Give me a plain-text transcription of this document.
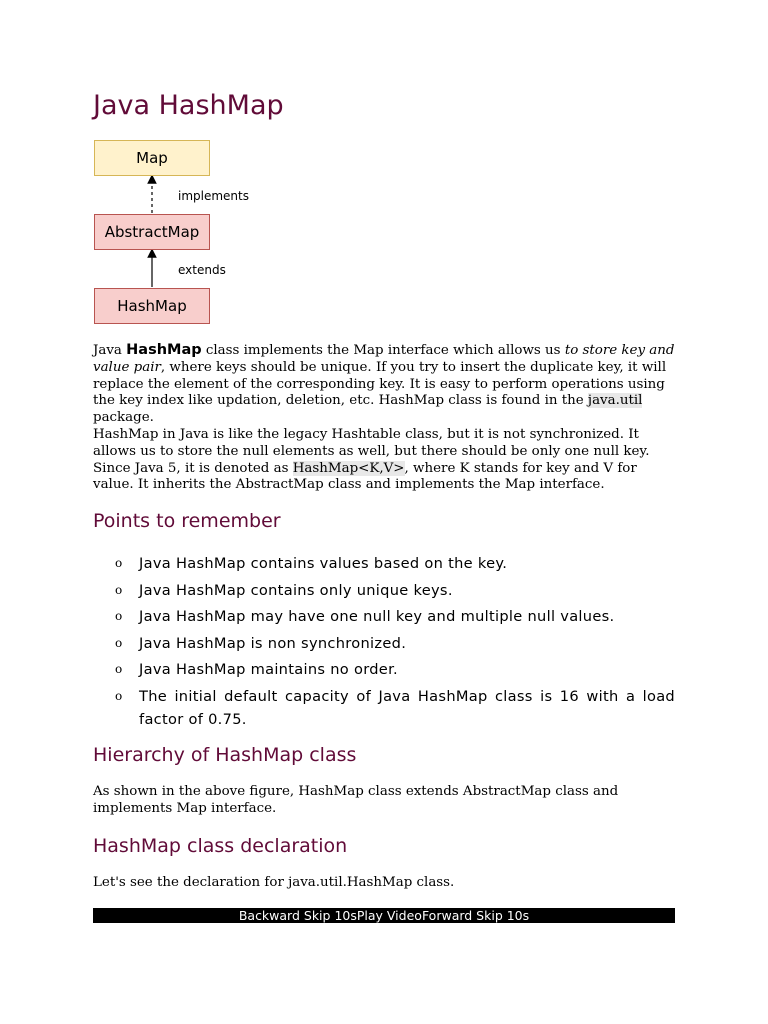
Java HashMap
Map
AbstractMap
HashMap
implements
extends

Java HashMap class implements the Map interface which allows us to store key and value pair, where keys should be unique. If you try to insert the duplicate key, it will replace the element of the corresponding key. It is easy to perform operations using the key index like updation, deletion, etc. HashMap class is found in the java.util package.

HashMap in Java is like the legacy Hashtable class, but it is not synchronized. It allows us to store the null elements as well, but there should be only one null key. Since Java 5, it is denoted as HashMap<K,V>, where K stands for key and V for value. It inherits the AbstractMap class and implements the Map interface.

Points to remember
o Java HashMap contains values based on the key.
o Java HashMap contains only unique keys.
o Java HashMap may have one null key and multiple null values.
o Java HashMap is non synchronized.
o Java HashMap maintains no order.
o The initial default capacity of Java HashMap class is 16 with a load factor of 0.75.
Hierarchy of HashMap class

As shown in the above figure, HashMap class extends AbstractMap class and implements Map interface.

HashMap class declaration

Let's see the declaration for java.util.HashMap class.

Backward Skip 10s Play Video Forward Skip 10s
